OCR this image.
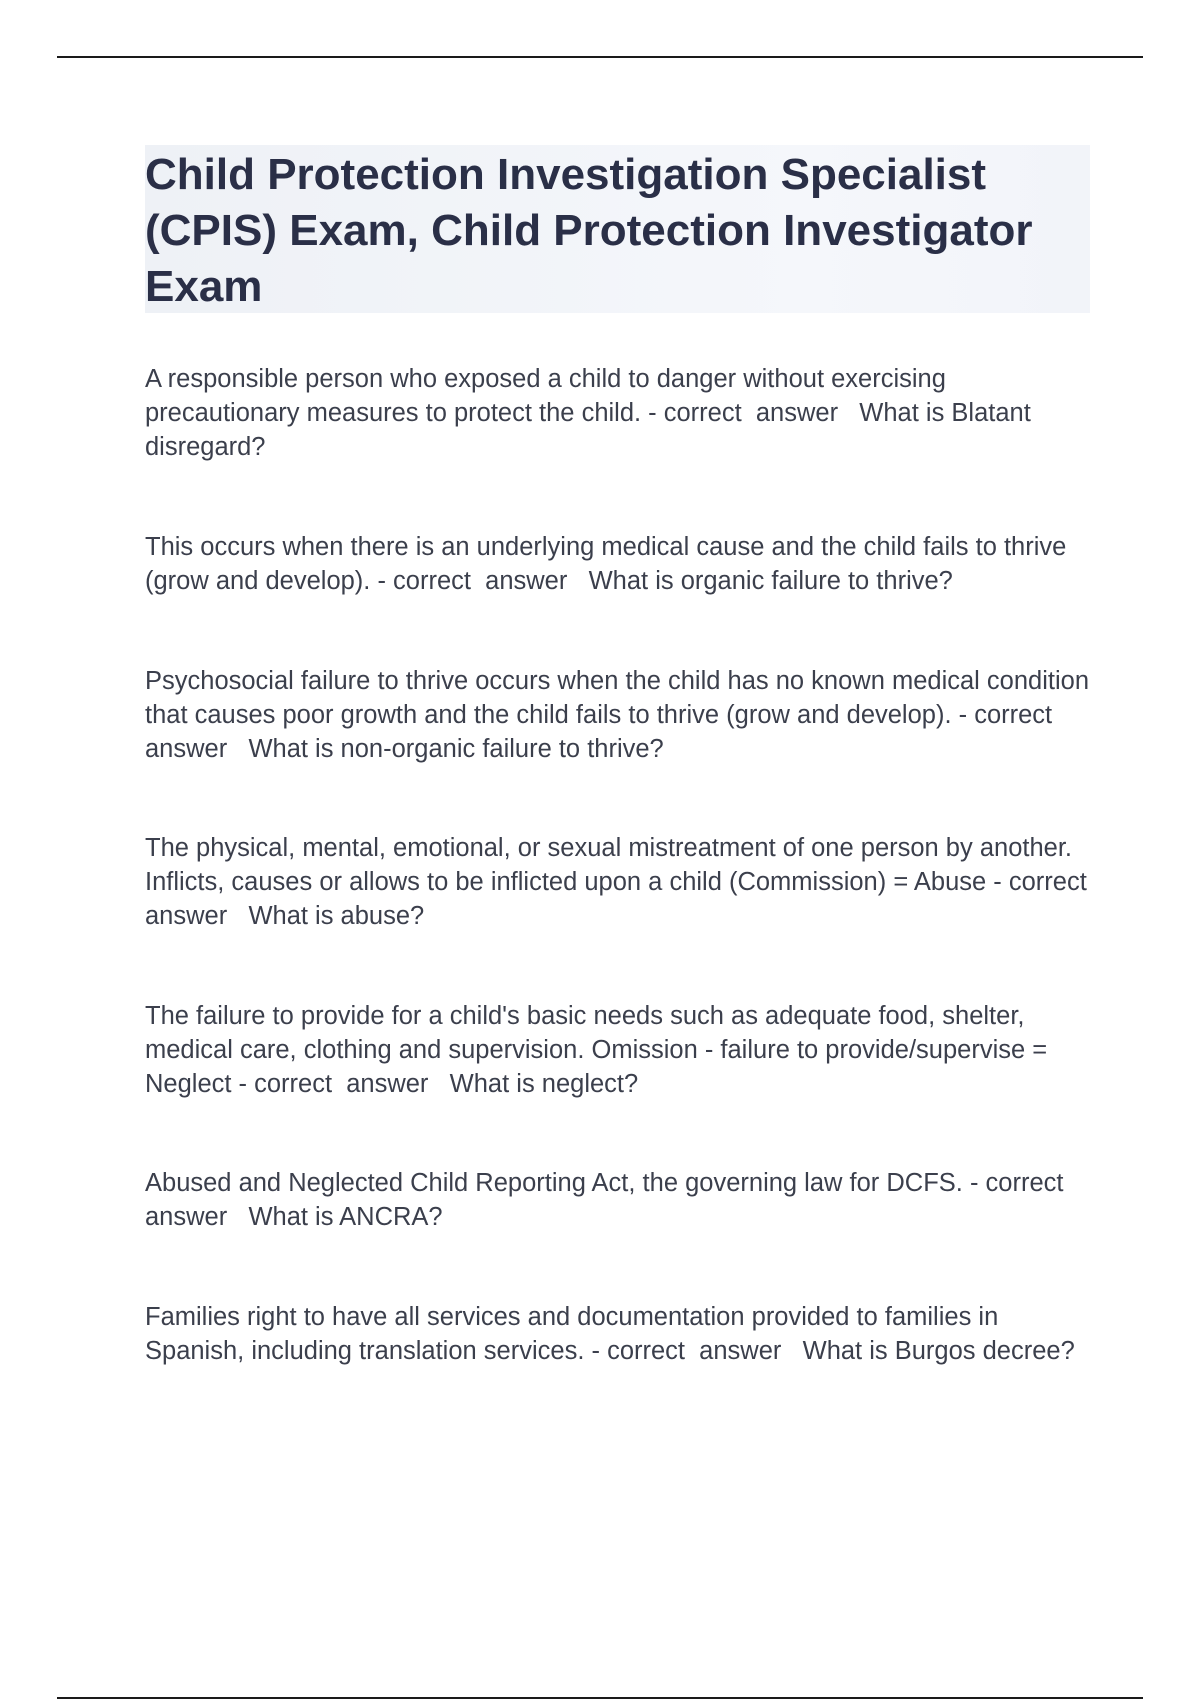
Child Protection Investigation Specialist (CPIS) Exam, Child Protection Investigator Exam

A responsible person who exposed a child to danger without exercising precautionary measures to protect the child. - correct  answer   What is Blatant disregard?

This occurs when there is an underlying medical cause and the child fails to thrive (grow and develop). - correct  answer   What is organic failure to thrive?

Psychosocial failure to thrive occurs when the child has no known medical condition that causes poor growth and the child fails to thrive (grow and develop). - correct  answer   What is non-organic failure to thrive?

The physical, mental, emotional, or sexual mistreatment of one person by another. Inflicts, causes or allows to be inflicted upon a child (Commission) = Abuse - correct  answer   What is abuse?

The failure to provide for a child's basic needs such as adequate food, shelter, medical care, clothing and supervision. Omission - failure to provide/supervise = Neglect - correct  answer   What is neglect?

Abused and Neglected Child Reporting Act, the governing law for DCFS. - correct  answer   What is ANCRA?

Families right to have all services and documentation provided to families in Spanish, including translation services. - correct  answer   What is Burgos decree?
